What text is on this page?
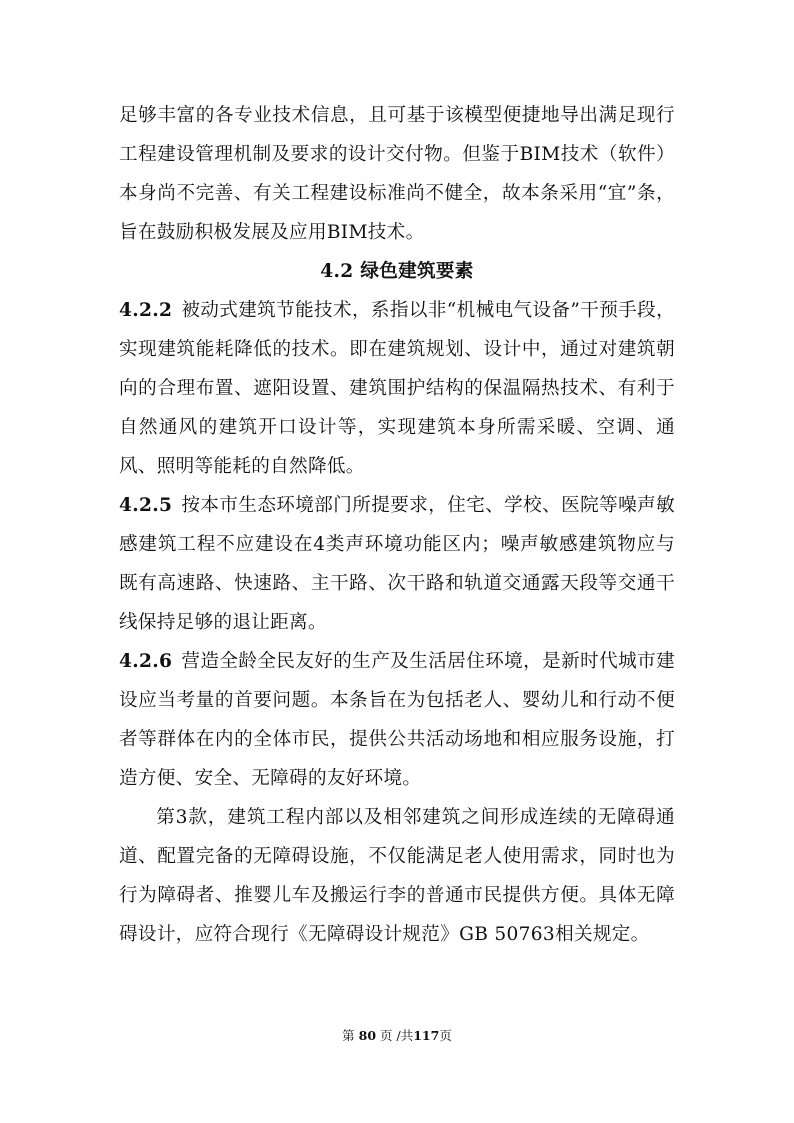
足够丰富的各专业技术信息，且可基于该模型便捷地导出满足现行工程建设管理机制及要求的设计交付物。但鉴于BIM技术（软件）本身尚不完善、有关工程建设标准尚不健全，故本条采用“宜”条，旨在鼓励积极发展及应用BIM技术。

4.2 绿色建筑要素

4.2.2 被动式建筑节能技术，系指以非“机械电气设备”干预手段，实现建筑能耗降低的技术。即在建筑规划、设计中，通过对建筑朝向的合理布置、遮阳设置、建筑围护结构的保温隔热技术、有利于自然通风的建筑开口设计等，实现建筑本身所需采暖、空调、通风、照明等能耗的自然降低。

4.2.5 按本市生态环境部门所提要求，住宅、学校、医院等噪声敏感建筑工程不应建设在4类声环境功能区内；噪声敏感建筑物应与既有高速路、快速路、主干路、次干路和轨道交通露天段等交通干线保持足够的退让距离。

4.2.6 营造全龄全民友好的生产及生活居住环境，是新时代城市建设应当考量的首要问题。本条旨在为包括老人、婴幼儿和行动不便者等群体在内的全体市民，提供公共活动场地和相应服务设施，打造方便、安全、无障碍的友好环境。

第3款，建筑工程内部以及相邻建筑之间形成连续的无障碍通道、配置完备的无障碍设施，不仅能满足老人使用需求，同时也为行为障碍者、推婴儿车及搬运行李的普通市民提供方便。具体无障碍设计，应符合现行《无障碍设计规范》GB 50763相关规定。

第 80 页 /共117页
